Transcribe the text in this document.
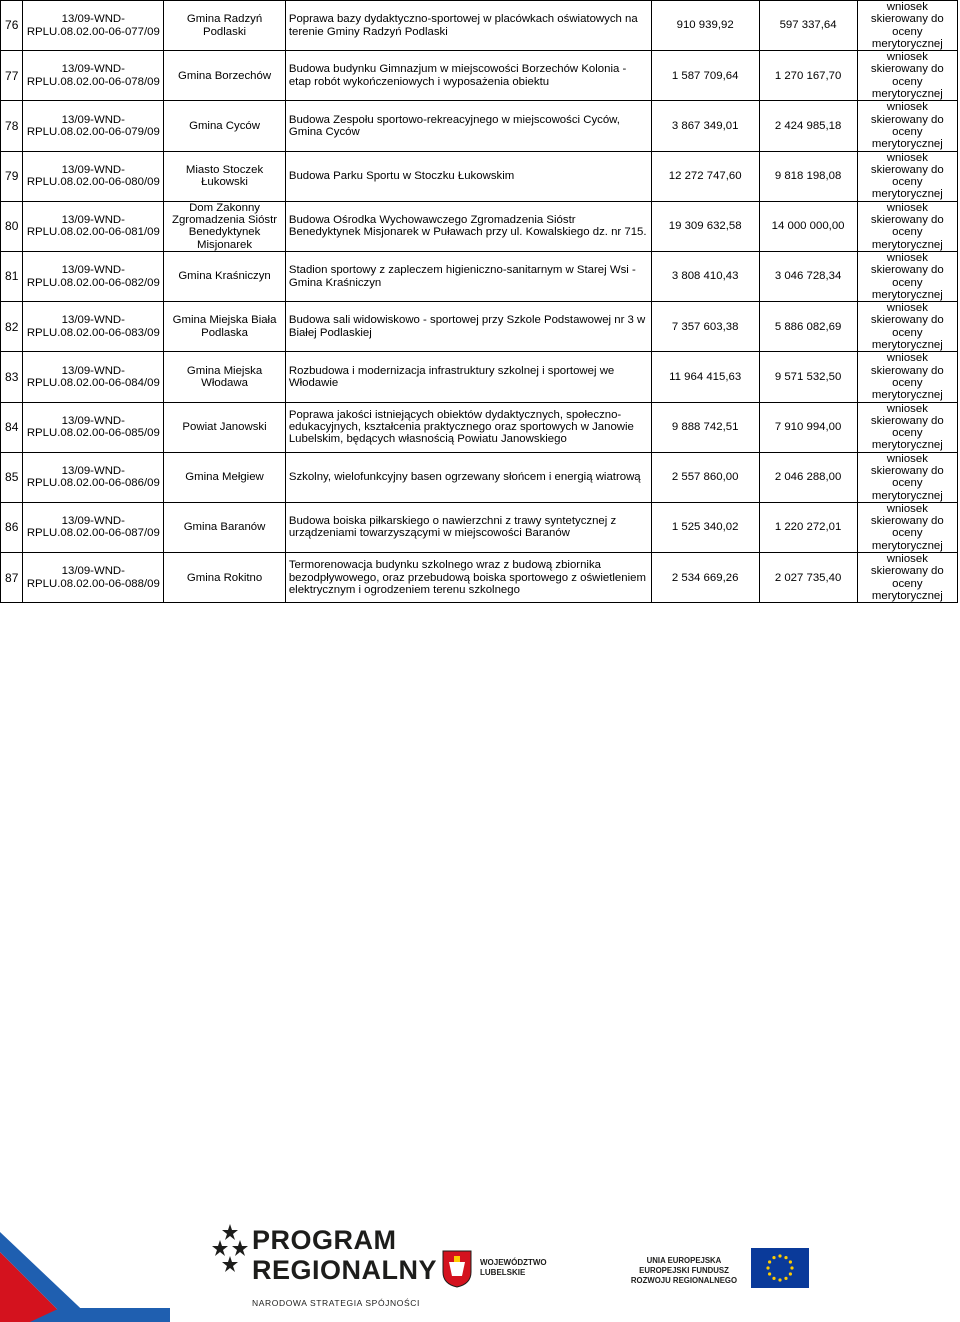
76	13/09-WND-RPLU.08.02.00-06-077/09	Gmina Radzyń Podlaski	Poprawa bazy dydaktyczno-sportowej w placówkach oświatowych na terenie Gminy Radzyń Podlaski	910 939,92	597 337,64	wniosek skierowany do oceny merytorycznej
77	13/09-WND-RPLU.08.02.00-06-078/09	Gmina Borzechów	Budowa budynku Gimnazjum w miejscowości Borzechów Kolonia - etap robót wykończeniowych i wyposażenia obiektu	1 587 709,64	1 270 167,70	wniosek skierowany do oceny merytorycznej
78	13/09-WND-RPLU.08.02.00-06-079/09	Gmina Cyców	Budowa Zespołu sportowo-rekreacyjnego w miejscowości Cyców, Gmina Cyców	3 867 349,01	2 424 985,18	wniosek skierowany do oceny merytorycznej
79	13/09-WND-RPLU.08.02.00-06-080/09	Miasto Stoczek Łukowski	Budowa Parku Sportu w Stoczku Łukowskim	12 272 747,60	9 818 198,08	wniosek skierowany do oceny merytorycznej
80	13/09-WND-RPLU.08.02.00-06-081/09	Dom Zakonny Zgromadzenia Sióstr Benedyktynek Misjonarek	Budowa Ośrodka Wychowawczego Zgromadzenia Sióstr Benedyktynek Misjonarek w Puławach przy ul. Kowalskiego dz. nr 715.	19 309 632,58	14 000 000,00	wniosek skierowany do oceny merytorycznej
81	13/09-WND-RPLU.08.02.00-06-082/09	Gmina Kraśniczyn	Stadion sportowy z zapleczem higieniczno-sanitarnym w Starej Wsi - Gmina Kraśniczyn	3 808 410,43	3 046 728,34	wniosek skierowany do oceny merytorycznej
82	13/09-WND-RPLU.08.02.00-06-083/09	Gmina Miejska Biała Podlaska	Budowa sali widowiskowo - sportowej przy Szkole Podstawowej nr 3 w Białej Podlaskiej	7 357 603,38	5 886 082,69	wniosek skierowany do oceny merytorycznej
83	13/09-WND-RPLU.08.02.00-06-084/09	Gmina Miejska Włodawa	Rozbudowa i modernizacja infrastruktury szkolnej i sportowej we Włodawie	11 964 415,63	9 571 532,50	wniosek skierowany do oceny merytorycznej
84	13/09-WND-RPLU.08.02.00-06-085/09	Powiat Janowski	Poprawa jakości istniejących obiektów dydaktycznych, społeczno-edukacyjnych, kształcenia praktycznego oraz sportowych w Janowie Lubelskim, będących własnością Powiatu Janowskiego	9 888 742,51	7 910 994,00	wniosek skierowany do oceny merytorycznej
85	13/09-WND-RPLU.08.02.00-06-086/09	Gmina Mełgiew	Szkolny, wielofunkcyjny basen ogrzewany słońcem i energią wiatrową	2 557 860,00	2 046 288,00	wniosek skierowany do oceny merytorycznej
86	13/09-WND-RPLU.08.02.00-06-087/09	Gmina Baranów	Budowa boiska piłkarskiego o nawierzchni z trawy syntetycznej z urządzeniami towarzyszącymi w miejscowości Baranów	1 525 340,02	1 220 272,01	wniosek skierowany do oceny merytorycznej
87	13/09-WND-RPLU.08.02.00-06-088/09	Gmina Rokitno	Termorenowacja budynku szkolnego wraz z budową zbiornika bezodpływowego, oraz przebudową boiska sportowego z oświetleniem elektrycznym i ogrodzeniem terenu szkolnego	2 534 669,26	2 027 735,40	wniosek skierowany do oceny merytorycznej
PROGRAM
REGIONALNY
NARODOWA STRATEGIA SPÓJNOŚCI
WOJEWÓDZTWO
LUBELSKIE
UNIA EUROPEJSKA
EUROPEJSKI FUNDUSZ
ROZWOJU REGIONALNEGO
